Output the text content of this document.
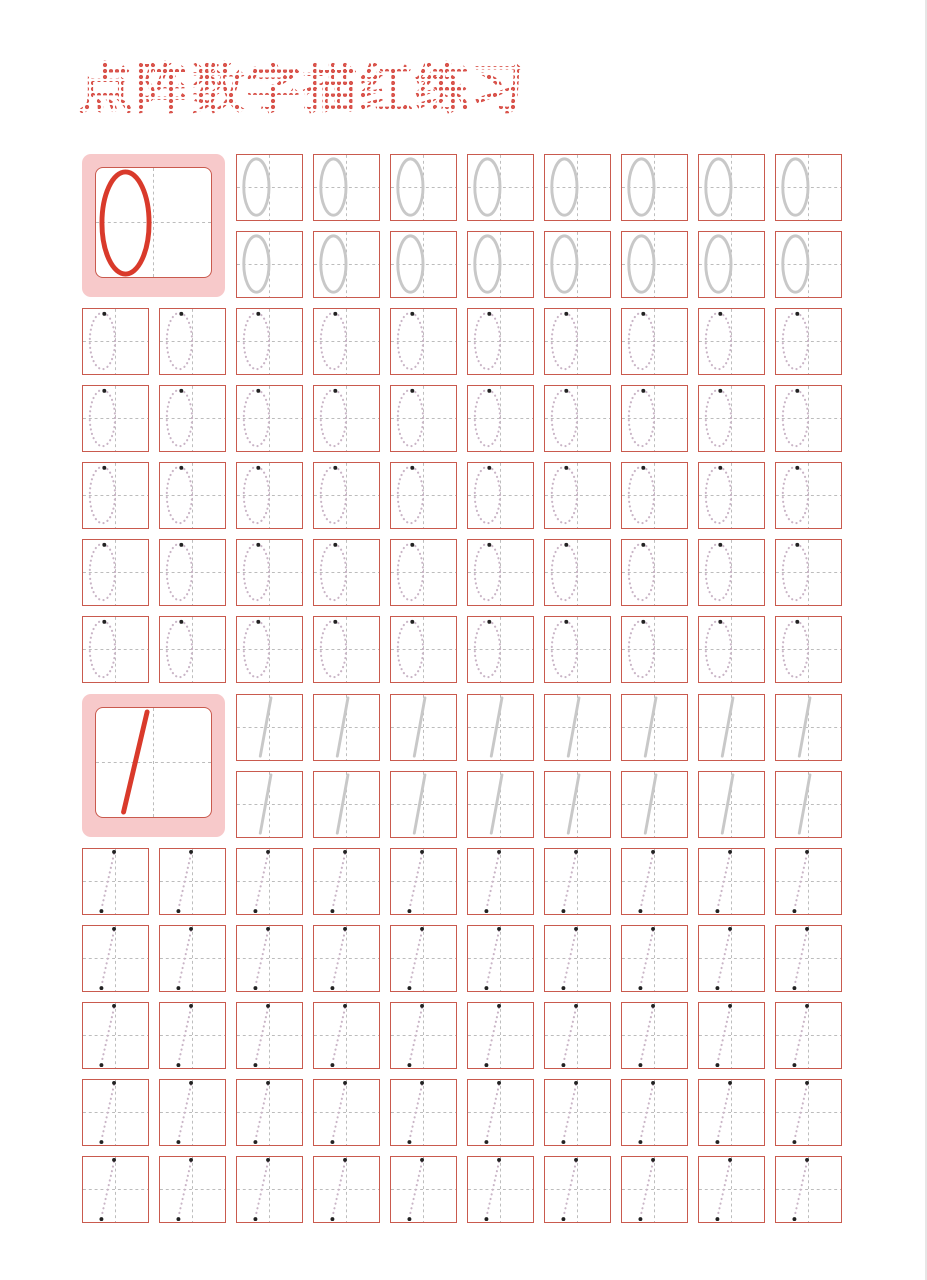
点阵数字描红练习
